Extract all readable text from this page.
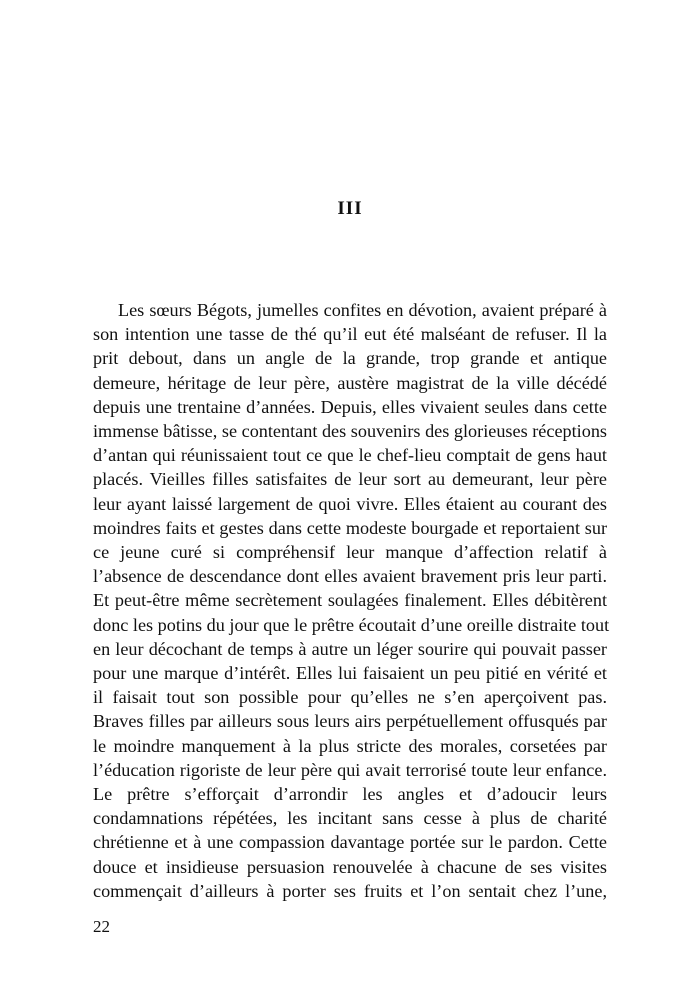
III
Les sœurs Bégots, jumelles confites en dévotion, avaient préparé à
son intention une tasse de thé qu’il eut été malséant de refuser. Il la
prit debout, dans un angle de la grande, trop grande et antique
demeure, héritage de leur père, austère magistrat de la ville décédé
depuis une trentaine d’années. Depuis, elles vivaient seules dans cette
immense bâtisse, se contentant des souvenirs des glorieuses réceptions
d’antan qui réunissaient tout ce que le chef-lieu comptait de gens haut
placés. Vieilles filles satisfaites de leur sort au demeurant, leur père
leur ayant laissé largement de quoi vivre. Elles étaient au courant des
moindres faits et gestes dans cette modeste bourgade et reportaient sur
ce jeune curé si compréhensif leur manque d’affection relatif à
l’absence de descendance dont elles avaient bravement pris leur parti.
Et peut-être même secrètement soulagées finalement. Elles débitèrent
donc les potins du jour que le prêtre écoutait d’une oreille distraite tout
en leur décochant de temps à autre un léger sourire qui pouvait passer
pour une marque d’intérêt. Elles lui faisaient un peu pitié en vérité et
il faisait tout son possible pour qu’elles ne s’en aperçoivent pas.
Braves filles par ailleurs sous leurs airs perpétuellement offusqués par
le moindre manquement à la plus stricte des morales, corsetées par
l’éducation rigoriste de leur père qui avait terrorisé toute leur enfance.
Le prêtre s’efforçait d’arrondir les angles et d’adoucir leurs
condamnations répétées, les incitant sans cesse à plus de charité
chrétienne et à une compassion davantage portée sur le pardon. Cette
douce et insidieuse persuasion renouvelée à chacune de ses visites
commençait d’ailleurs à porter ses fruits et l’on sentait chez l’une,
22
